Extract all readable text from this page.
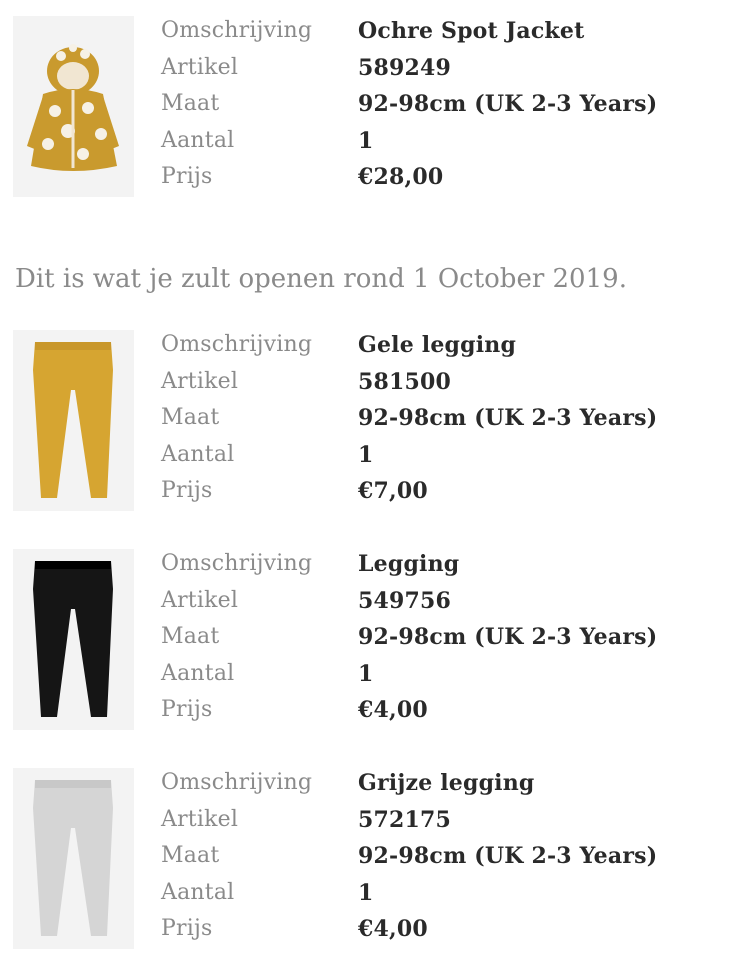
Omschrijving Ochre Spot Jacket
Artikel	589249
Maat	92-98cm (UK 2-3 Years)
Aantal	1
Prijs	€28,00
Dit is wat je zult openen rond 1 October 2019.
Omschrijving Gele legging
Artikel	581500
Maat	92-98cm (UK 2-3 Years)
Aantal	1
Prijs	€7,00
Omschrijving Legging
Artikel	549756
Maat	92-98cm (UK 2-3 Years)
Aantal	1
Prijs	€4,00
Omschrijving Grijze legging
Artikel	572175
Maat	92-98cm (UK 2-3 Years)
Aantal	1
Prijs	€4,00
